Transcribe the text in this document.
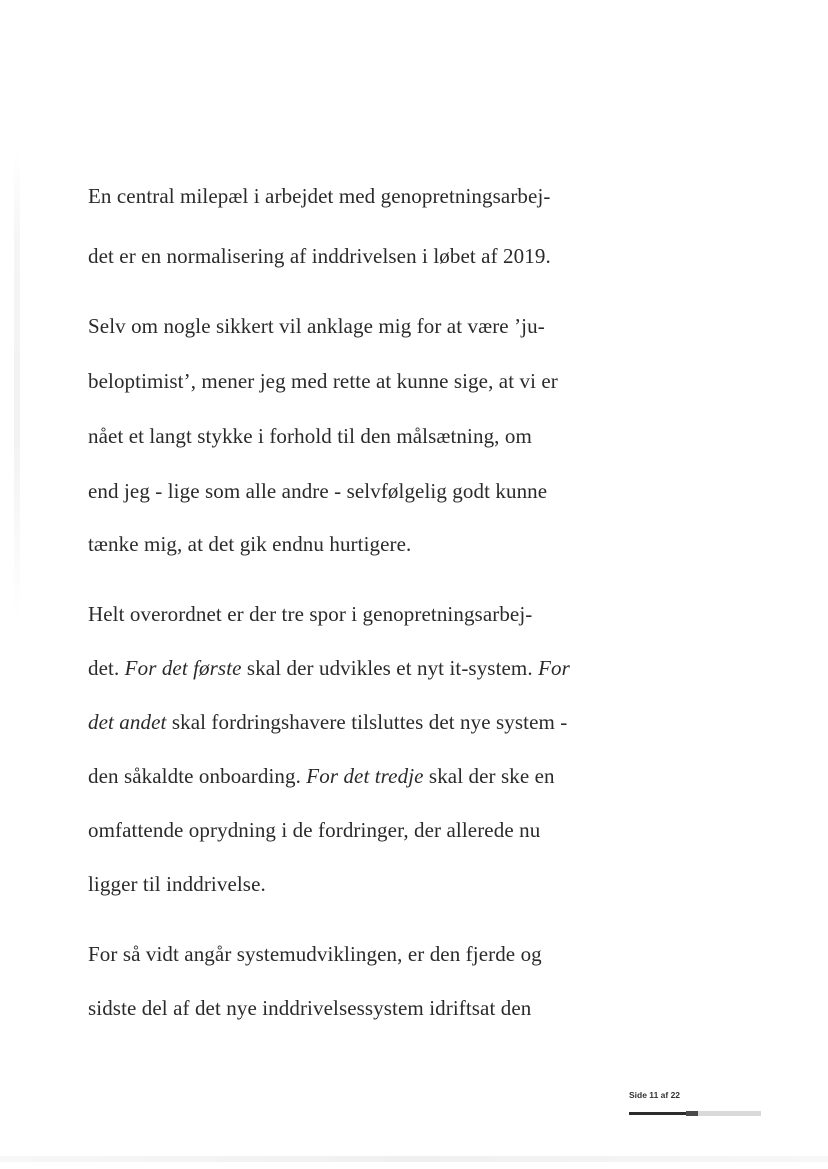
En central milepæl i arbejdet med genopretningsarbej-
det er en normalisering af inddrivelsen i løbet af 2019.
Selv om nogle sikkert vil anklage mig for at være ’ju-
beloptimist’, mener jeg med rette at kunne sige, at vi er
nået et langt stykke i forhold til den målsætning, om
end jeg - lige som alle andre - selvfølgelig godt kunne
tænke mig, at det gik endnu hurtigere.
Helt overordnet er der tre spor i genopretningsarbej-
det. For det første skal der udvikles et nyt it-system. For
det andet skal fordringshavere tilsluttes det nye system -
den såkaldte onboarding. For det tredje skal der ske en
omfattende oprydning i de fordringer, der allerede nu
ligger til inddrivelse.
For så vidt angår systemudviklingen, er den fjerde og
sidste del af det nye inddrivelsessystem idriftsat den
Side 11 af 22
